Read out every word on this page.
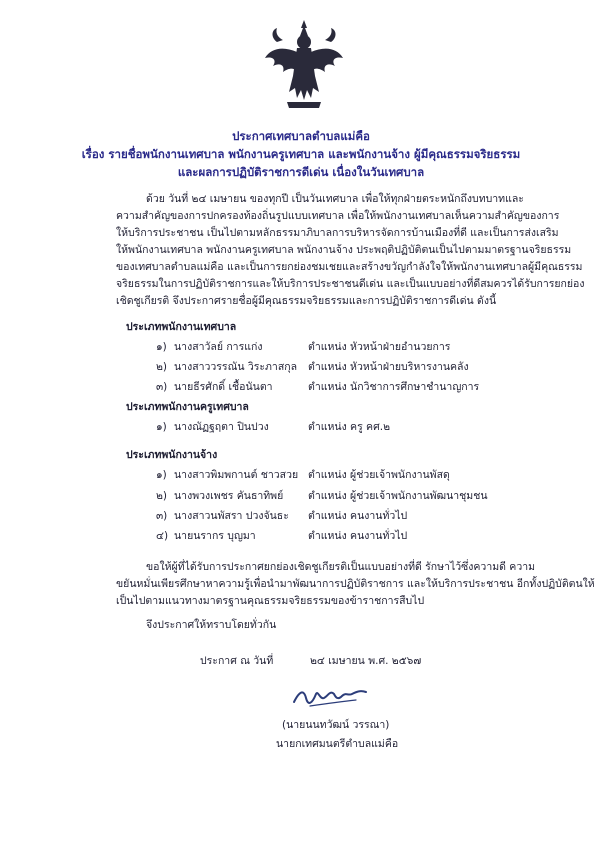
ประกาศเทศบาลตำบลแม่คือ
เรื่อง รายชื่อพนักงานเทศบาล พนักงานครูเทศบาล และพนักงานจ้าง ผู้มีคุณธรรมจริยธรรม
และผลการปฏิบัติราชการดีเด่น เนื่องในวันเทศบาล
ด้วย วันที่ ๒๔ เมษายน ของทุกปี เป็นวันเทศบาล เพื่อให้ทุกฝ่ายตระหนักถึงบทบาทและ
ความสำคัญของการปกครองท้องถิ่นรูปแบบเทศบาล เพื่อให้พนักงานเทศบาลเห็นความสำคัญของการ
ให้บริการประชาชน เป็นไปตามหลักธรรมาภิบาลการบริหารจัดการบ้านเมืองที่ดี และเป็นการส่งเสริม
ให้พนักงานเทศบาล พนักงานครูเทศบาล พนักงานจ้าง ประพฤติปฏิบัติตนเป็นไปตามมาตรฐานจริยธรรม
ของเทศบาลตำบลแม่คือ และเป็นการยกย่องชมเชยและสร้างขวัญกำลังใจให้พนักงานเทศบาลผู้มีคุณธรรม
จริยธรรมในการปฏิบัติราชการและให้บริการประชาชนดีเด่น และเป็นแบบอย่างที่ดีสมควรได้รับการยกย่อง
เชิดชูเกียรติ จึงประกาศรายชื่อผู้มีคุณธรรมจริยธรรมและการปฏิบัติราชการดีเด่น ดังนี้
ประเภทพนักงานเทศบาล
๑) นางสาวัลย์ การแก่ง	ตำแหน่ง หัวหน้าฝ่ายอำนวยการ
๒) นางสาววรรณัน วิระภาสกุล ตำแหน่ง หัวหน้าฝ่ายบริหารงานคลัง
๓) นายธีรศักดิ์ เชื้อนันตา	ตำแหน่ง นักวิชาการศึกษาชำนาญการ
ประเภทพนักงานครูเทศบาล
๑) นางณัฏฐฤตา ปินปวง	ตำแหน่ง ครู คศ.๒
ประเภทพนักงานจ้าง
๑) นางสาวพิมพกานต์ ชาวสวย ตำแหน่ง ผู้ช่วยเจ้าพนักงานพัสดุ
๒) นางพวงเพชร คันธาทิพย์ ตำแหน่ง ผู้ช่วยเจ้าพนักงานพัฒนาชุมชน
๓) นางสาวนพัสรา ปวงจันธะ ตำแหน่ง คนงานทั่วไป
๔) นายนรากร บุญมา	ตำแหน่ง คนงานทั่วไป
ขอให้ผู้ที่ได้รับการประกาศยกย่องเชิดชูเกียรติเป็นแบบอย่างที่ดี รักษาไว้ซึ่งความดี ความ
ขยันหมั่นเพียรศึกษาหาความรู้เพื่อนำมาพัฒนาการปฏิบัติราชการ และให้บริการประชาชน อีกทั้งปฏิบัติตนให้
เป็นไปตามแนวทางมาตรฐานคุณธรรมจริยธรรมของข้าราชการสืบไป
จึงประกาศให้ทราบโดยทั่วกัน
ประกาศ ณ วันที่	๒๔ เมษายน พ.ศ. ๒๕๖๗
(นายนนทวัฒน์ วรรณา)
นายกเทศมนตรีตำบลแม่คือ
